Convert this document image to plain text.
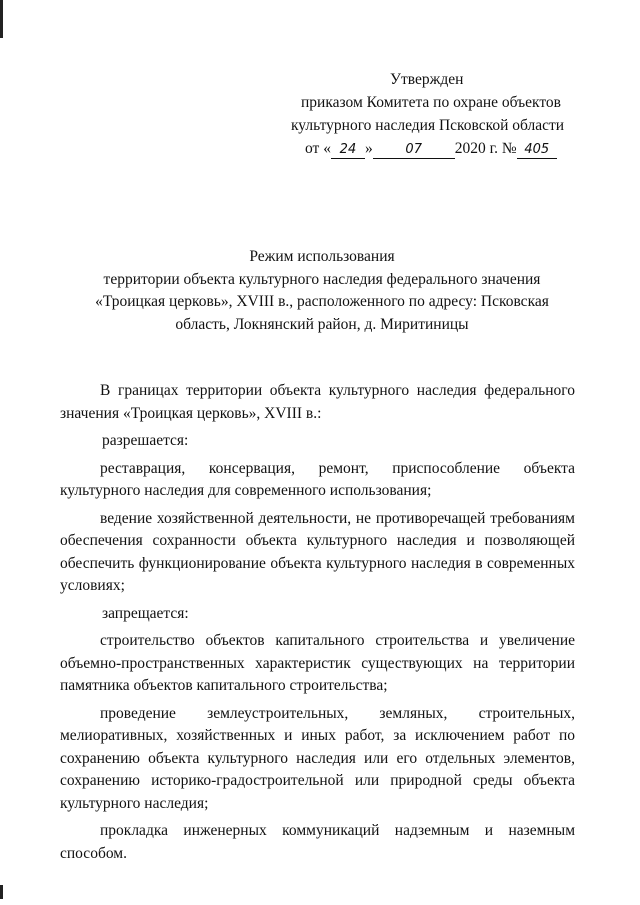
Утвержден
приказом Комитета по охране объектов
культурного наследия Псковской области
от « 24 »	07 2020 г. № 405
Режим использования
территории объекта культурного наследия федерального значения
«Троицкая церковь», XVIII в., расположенного по адресу: Псковская
область, Локнянский район, д. Миритиницы

В границах территории объекта культурного наследия федерального значения «Троицкая церковь», XVIII в.:

разрешается:

реставрация, консервация, ремонт, приспособление объекта культурного наследия для современного использования;

ведение хозяйственной деятельности, не противоречащей требованиям обеспечения сохранности объекта культурного наследия и позволяющей обеспечить функционирование объекта культурного наследия в современных условиях;

запрещается:

строительство объектов капитального строительства и увеличение объемно-пространственных характеристик существующих на территории памятника объектов капитального строительства;

проведение землеустроительных, земляных, строительных, мелиоративных, хозяйственных и иных работ, за исключением работ по сохранению объекта культурного наследия или его отдельных элементов, сохранению историко-градостроительной или природной среды объекта культурного наследия;

прокладка инженерных коммуникаций надземным и наземным способом.
